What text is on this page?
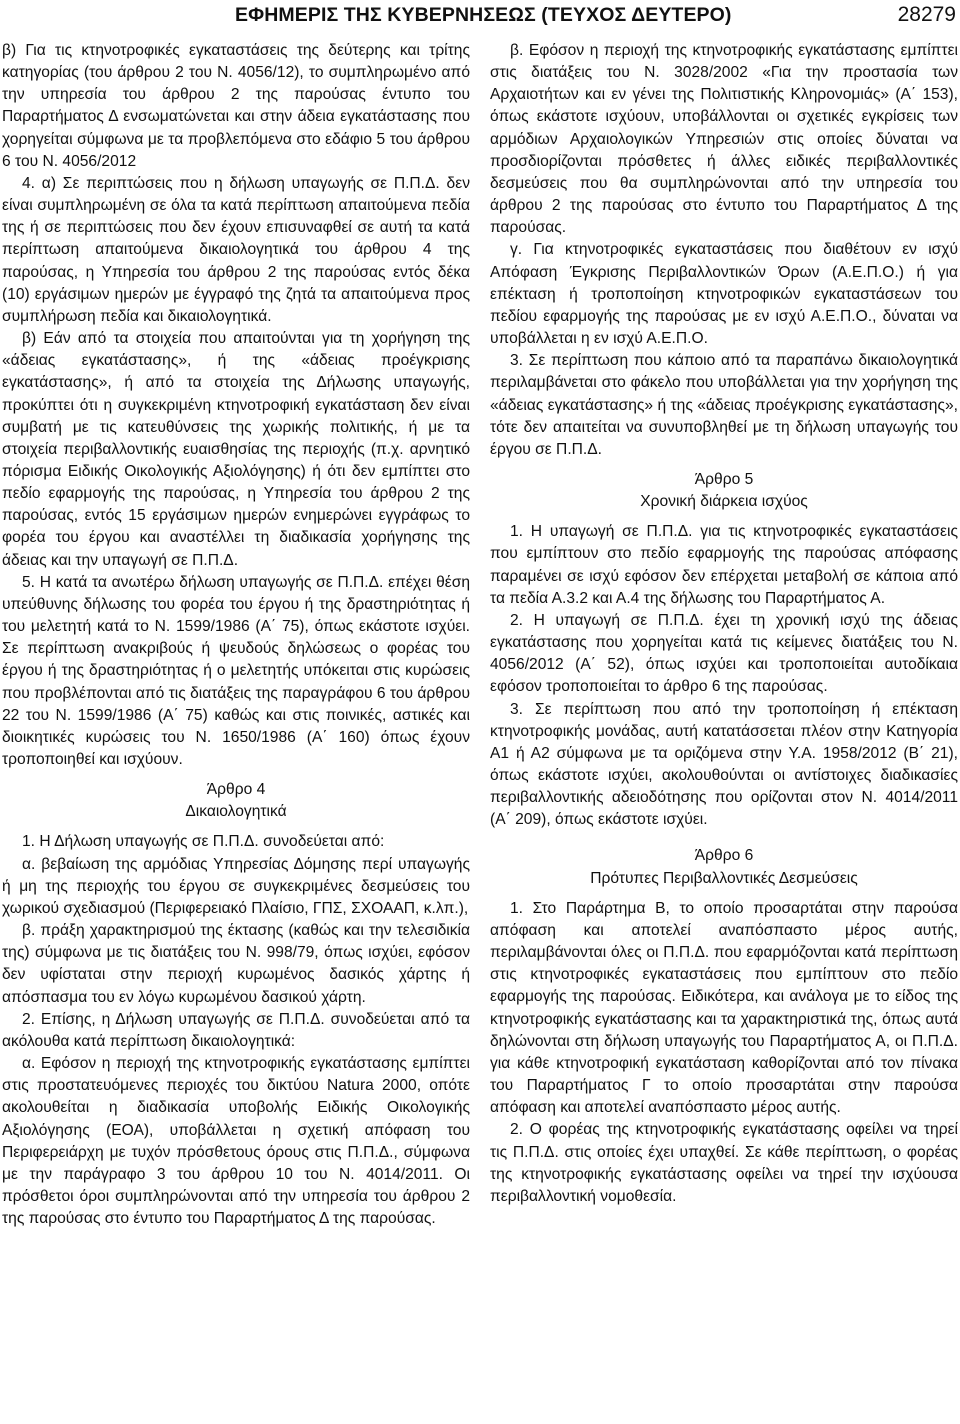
ΕΦΗΜΕΡΙΣ ΤΗΣ ΚΥΒΕΡΝΗΣΕΩΣ (ΤΕΥΧΟΣ ΔΕΥΤΕΡΟ)	28279

β) Για τις κτηνοτροφικές εγκαταστάσεις της δεύτερης και τρίτης κατηγορίας (του άρθρου 2 του Ν. 4056/12), το συμπληρωμένο από την υπηρεσία του άρθρου 2 της παρούσας έντυπο του Παραρτήματος Δ ενσωματώνεται και στην άδεια εγκατάστασης που χορηγείται σύμφωνα με τα προβλεπόμενα στο εδάφιο 5 του άρθρου 6 του Ν. 4056/2012

4. α) Σε περιπτώσεις που η δήλωση υπαγωγής σε Π.Π.Δ. δεν είναι συμπληρωμένη σε όλα τα κατά περίπτωση απαιτούμενα πεδία της ή σε περιπτώσεις που δεν έχουν επισυναφθεί σε αυτή τα κατά περίπτωση απαιτούμενα δικαιολογητικά του άρθρου 4 της παρούσας, η Υπηρεσία του άρθρου 2 της παρούσας εντός δέκα (10) εργάσιμων ημερών με έγγραφό της ζητά τα απαιτούμενα προς συμπλήρωση πεδία και δικαιολογητικά.

β) Εάν από τα στοιχεία που απαιτούνται για τη χορήγηση της «άδειας εγκατάστασης», ή της «άδειας προέγκρισης εγκατάστασης», ή από τα στοιχεία της Δήλωσης υπαγωγής, προκύπτει ότι η συγκεκριμένη κτηνοτροφική εγκατάσταση δεν είναι συμβατή με τις κατευθύνσεις της χωρικής πολιτικής, ή με τα στοιχεία περιβαλλοντικής ευαισθησίας της περιοχής (π.χ. αρνητικό πόρισμα Ειδικής Οικολογικής Αξιολόγησης) ή ότι δεν εμπίπτει στο πεδίο εφαρμογής της παρούσας, η Υπηρεσία του άρθρου 2 της παρούσας, εντός 15 εργάσιμων ημερών ενημερώνει εγγράφως το φορέα του έργου και αναστέλλει τη διαδικασία χορήγησης της άδειας και την υπαγωγή σε Π.Π.Δ.

5. Η κατά τα ανωτέρω δήλωση υπαγωγής σε Π.Π.Δ. επέχει θέση υπεύθυνης δήλωσης του φορέα του έργου ή της δραστηριότητας ή του μελετητή κατά το Ν. 1599/1986 (Α΄ 75), όπως εκάστοτε ισχύει. Σε περίπτωση ανακριβούς ή ψευδούς δηλώσεως ο φορέας του έργου ή της δραστηριότητας ή ο μελετητής υπόκειται στις κυρώσεις που προβλέπονται από τις διατάξεις της παραγράφου 6 του άρθρου 22 του Ν. 1599/1986 (Α΄ 75) καθώς και στις ποινικές, αστικές και διοικητικές κυρώσεις του Ν. 1650/1986 (Α΄ 160) όπως έχουν τροποποιηθεί και ισχύουν.

Άρθρο 4

Δικαιολογητικά

1. Η Δήλωση υπαγωγής σε Π.Π.Δ. συνοδεύεται από:

α. βεβαίωση της αρμόδιας Υπηρεσίας Δόμησης περί υπαγωγής ή μη της περιοχής του έργου σε συγκεκριμένες δεσμεύσεις του χωρικού σχεδιασμού (Περιφερειακό Πλαίσιο, ΓΠΣ, ΣΧΟΑΑΠ, κ.λπ.),

β. πράξη χαρακτηρισμού της έκτασης (καθώς και την τελεσιδικία της) σύμφωνα με τις διατάξεις του Ν. 998/79, όπως ισχύει, εφόσον δεν υφίσταται στην περιοχή κυρωμένος δασικός χάρτης ή απόσπασμα του εν λόγω κυρωμένου δασικού χάρτη.

2. Επίσης, η Δήλωση υπαγωγής σε Π.Π.Δ. συνοδεύεται από τα ακόλουθα κατά περίπτωση δικαιολογητικά:

α. Εφόσον η περιοχή της κτηνοτροφικής εγκατάστασης εμπίπτει στις προστατευόμενες περιοχές του δικτύου Natura 2000, οπότε ακολουθείται η διαδικασία υποβολής Ειδικής Οικολογικής Αξιολόγησης (ΕΟΑ), υποβάλλεται η σχετική απόφαση του Περιφερειάρχη με τυχόν πρόσθετους όρους στις Π.Π.Δ., σύμφωνα με την παράγραφο 3 του άρθρου 10 του Ν. 4014/2011. Οι πρόσθετοι όροι συμπληρώνονται από την υπηρεσία του άρθρου 2 της παρούσας στο έντυπο του Παραρτήματος Δ της παρούσας.

β. Εφόσον η περιοχή της κτηνοτροφικής εγκατάστασης εμπίπτει στις διατάξεις του Ν. 3028/2002 «Για την προστασία των Αρχαιοτήτων και εν γένει της Πολιτιστικής Κληρονομιάς» (Α΄ 153), όπως εκάστοτε ισχύουν, υποβάλλονται οι σχετικές εγκρίσεις των αρμόδιων Αρχαιολογικών Υπηρεσιών στις οποίες δύναται να προσδιορίζονται πρόσθετες ή άλλες ειδικές περιβαλλοντικές δεσμεύσεις που θα συμπληρώνονται από την υπηρεσία του άρθρου 2 της παρούσας στο έντυπο του Παραρτήματος Δ της παρούσας.

γ. Για κτηνοτροφικές εγκαταστάσεις που διαθέτουν εν ισχύ Απόφαση Έγκρισης Περιβαλλοντικών Όρων (Α.Ε.Π.Ο.) ή για επέκταση ή τροποποίηση κτηνοτροφικών εγκαταστάσεων του πεδίου εφαρμογής της παρούσας με εν ισχύ Α.Ε.Π.Ο., δύναται να υποβάλλεται η εν ισχύ Α.Ε.Π.Ο.

3. Σε περίπτωση που κάποιο από τα παραπάνω δικαιολογητικά περιλαμβάνεται στο φάκελο που υποβάλλεται για την χορήγηση της «άδειας εγκατάστασης» ή της «άδειας προέγκρισης εγκατάστασης», τότε δεν απαιτείται να συνυποβληθεί με τη δήλωση υπαγωγής του έργου σε Π.Π.Δ.

Άρθρο 5

Χρονική διάρκεια ισχύος

1. Η υπαγωγή σε Π.Π.Δ. για τις κτηνοτροφικές εγκαταστάσεις που εμπίπτουν στο πεδίο εφαρμογής της παρούσας απόφασης παραμένει σε ισχύ εφόσον δεν επέρχεται μεταβολή σε κάποια από τα πεδία Α.3.2 και Α.4 της δήλωσης του Παραρτήματος Α.

2. Η υπαγωγή σε Π.Π.Δ. έχει τη χρονική ισχύ της άδειας εγκατάστασης που χορηγείται κατά τις κείμενες διατάξεις του Ν. 4056/2012 (Α΄ 52), όπως ισχύει και τροποποιείται αυτοδίκαια εφόσον τροποποιείται το άρθρο 6 της παρούσας.

3. Σε περίπτωση που από την τροποποίηση ή επέκταση κτηνοτροφικής μονάδας, αυτή κατατάσσεται πλέον στην Κατηγορία Α1 ή Α2 σύμφωνα με τα οριζόμενα στην Υ.Α. 1958/2012 (Β΄ 21), όπως εκάστοτε ισχύει, ακολουθούνται οι αντίστοιχες διαδικασίες περιβαλλοντικής αδειοδότησης που ορίζονται στον Ν. 4014/2011 (Α΄ 209), όπως εκάστοτε ισχύει.

Άρθρο 6

Πρότυπες Περιβαλλοντικές Δεσμεύσεις

1. Στο Παράρτημα Β, το οποίο προσαρτάται στην παρούσα απόφαση και αποτελεί αναπόσπαστο μέρος αυτής, περιλαμβάνονται όλες οι Π.Π.Δ. που εφαρμόζονται κατά περίπτωση στις κτηνοτροφικές εγκαταστάσεις που εμπίπτουν στο πεδίο εφαρμογής της παρούσας. Ειδικότερα, και ανάλογα με το είδος της κτηνοτροφικής εγκατάστασης και τα χαρακτηριστικά της, όπως αυτά δηλώνονται στη δήλωση υπαγωγής του Παραρτήματος Α, οι Π.Π.Δ. για κάθε κτηνοτροφική εγκατάσταση καθορίζονται από τον πίνακα του Παραρτήματος Γ το οποίο προσαρτάται στην παρούσα απόφαση και αποτελεί αναπόσπαστο μέρος αυτής.

2. Ο φορέας της κτηνοτροφικής εγκατάστασης οφείλει να τηρεί τις Π.Π.Δ. στις οποίες έχει υπαχθεί. Σε κάθε περίπτωση, ο φορέας της κτηνοτροφικής εγκατάστασης οφείλει να τηρεί την ισχύουσα περιβαλλοντική νομοθεσία.
